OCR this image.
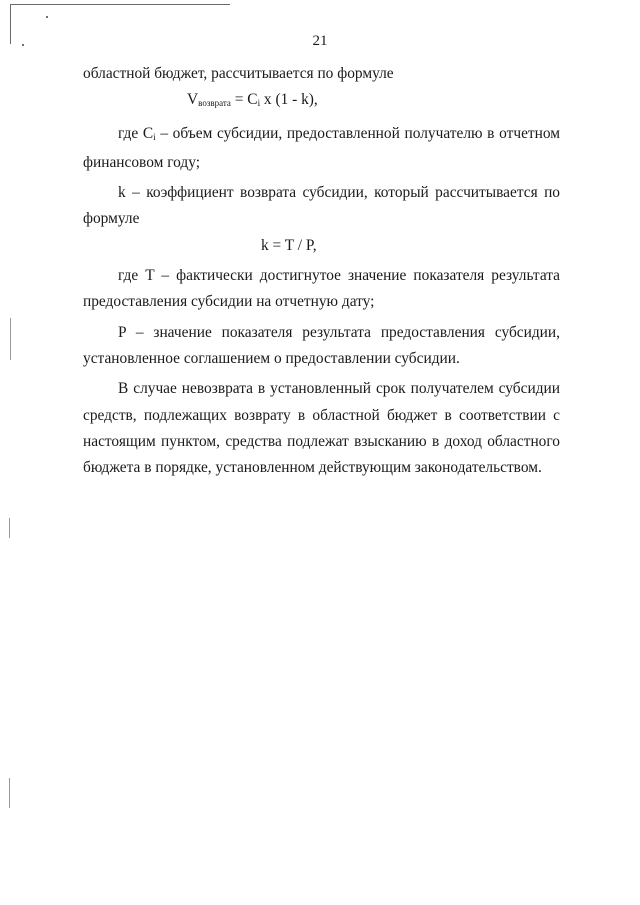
21

областной бюджет, рассчитывается по формуле

$V_{возврата} = C_i$ x (1 - k),

где $C_i$ – объем субсидии, предоставленной получателю в отчетном финансовом году;

k – коэффициент возврата субсидии, который рассчитывается по формуле

k = T / P,

где T – фактически достигнутое значение показателя результата предоставления субсидии на отчетную дату;

P – значение показателя результата предоставления субсидии, установленное соглашением о предоставлении субсидии.

В случае невозврата в установленный срок получателем субсидии средств, подлежащих возврату в областной бюджет в соответствии с настоящим пунктом, средства подлежат взысканию в доход областного бюджета в порядке, установленном действующим законодательством.
